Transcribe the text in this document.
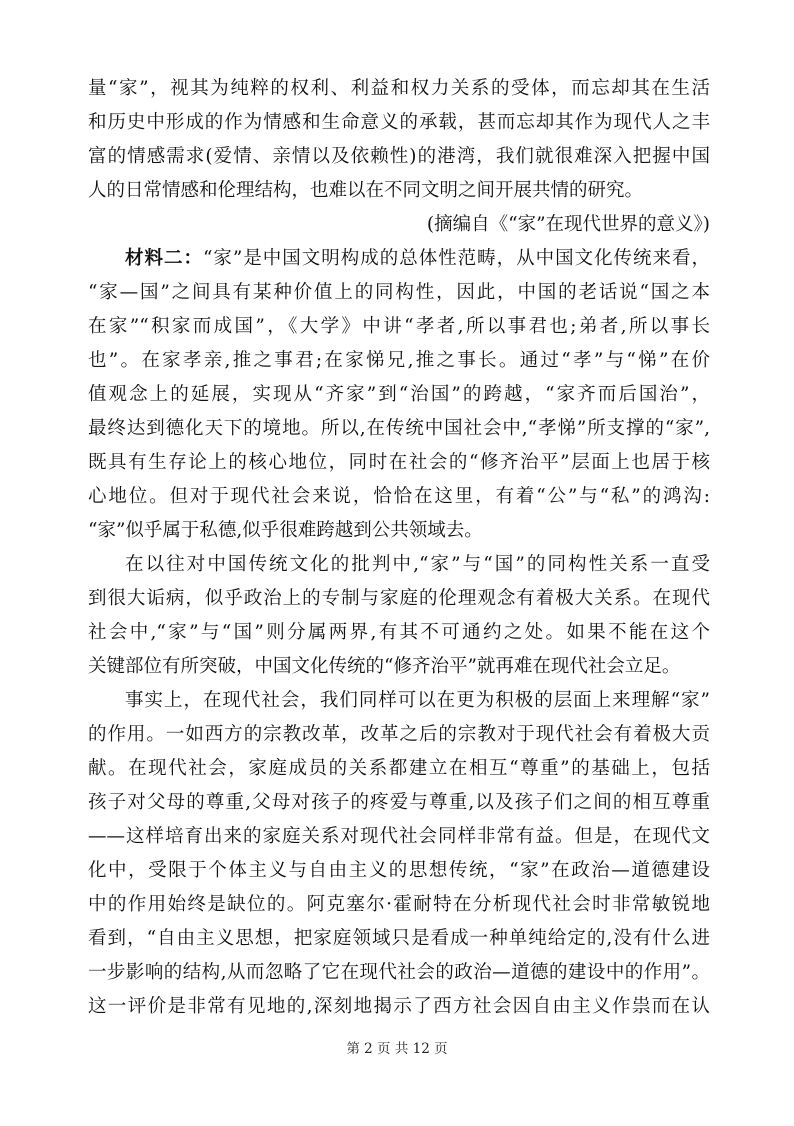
量“家”，视其为纯粹的权利、利益和权力关系的受体，而忘却其在生活
和历史中形成的作为情感和生命意义的承载，甚而忘却其作为现代人之丰
富的情感需求(爱情、亲情以及依赖性)的港湾，我们就很难深入把握中国
人的日常情感和伦理结构，也难以在不同文明之间开展共情的研究。
(摘编自《“家”在现代世界的意义》)
材料二：“家”是中国文明构成的总体性范畴，从中国文化传统来看，
“家—国”之间具有某种价值上的同构性，因此，中国的老话说“国之本
在家”“积家而成国”，《大学》中讲“孝者,所以事君也;弟者,所以事长
也”。在家孝亲,推之事君;在家悌兄,推之事长。通过“孝”与“悌”在价
值观念上的延展，实现从“齐家”到“治国”的跨越，“家齐而后国治”，
最终达到德化天下的境地。所以,在传统中国社会中,“孝悌”所支撑的“家”,
既具有生存论上的核心地位，同时在社会的“修齐治平”层面上也居于核
心地位。但对于现代社会来说，恰恰在这里，有着“公”与“私”的鸿沟:
“家”似乎属于私德,似乎很难跨越到公共领域去。
在以往对中国传统文化的批判中,“家”与“国”的同构性关系一直受
到很大诟病，似乎政治上的专制与家庭的伦理观念有着极大关系。在现代
社会中,“家”与“国”则分属两界,有其不可通约之处。如果不能在这个
关键部位有所突破，中国文化传统的“修齐治平”就再难在现代社会立足。
事实上，在现代社会，我们同样可以在更为积极的层面上来理解“家”
的作用。一如西方的宗教改革，改革之后的宗教对于现代社会有着极大贡
献。在现代社会，家庭成员的关系都建立在相互“尊重”的基础上，包括
孩子对父母的尊重,父母对孩子的疼爱与尊重,以及孩子们之间的相互尊重
——这样培育出来的家庭关系对现代社会同样非常有益。但是，在现代文
化中，受限于个体主义与自由主义的思想传统，“家”在政治—道德建设
中的作用始终是缺位的。阿克塞尔·霍耐特在分析现代社会时非常敏锐地
看到，“自由主义思想，把家庭领域只是看成一种单纯给定的,没有什么进
一步影响的结构,从而忽略了它在现代社会的政治—道德的建设中的作用”。
这一评价是非常有见地的,深刻地揭示了西方社会因自由主义作祟而在认
第 2 页 共 12 页
